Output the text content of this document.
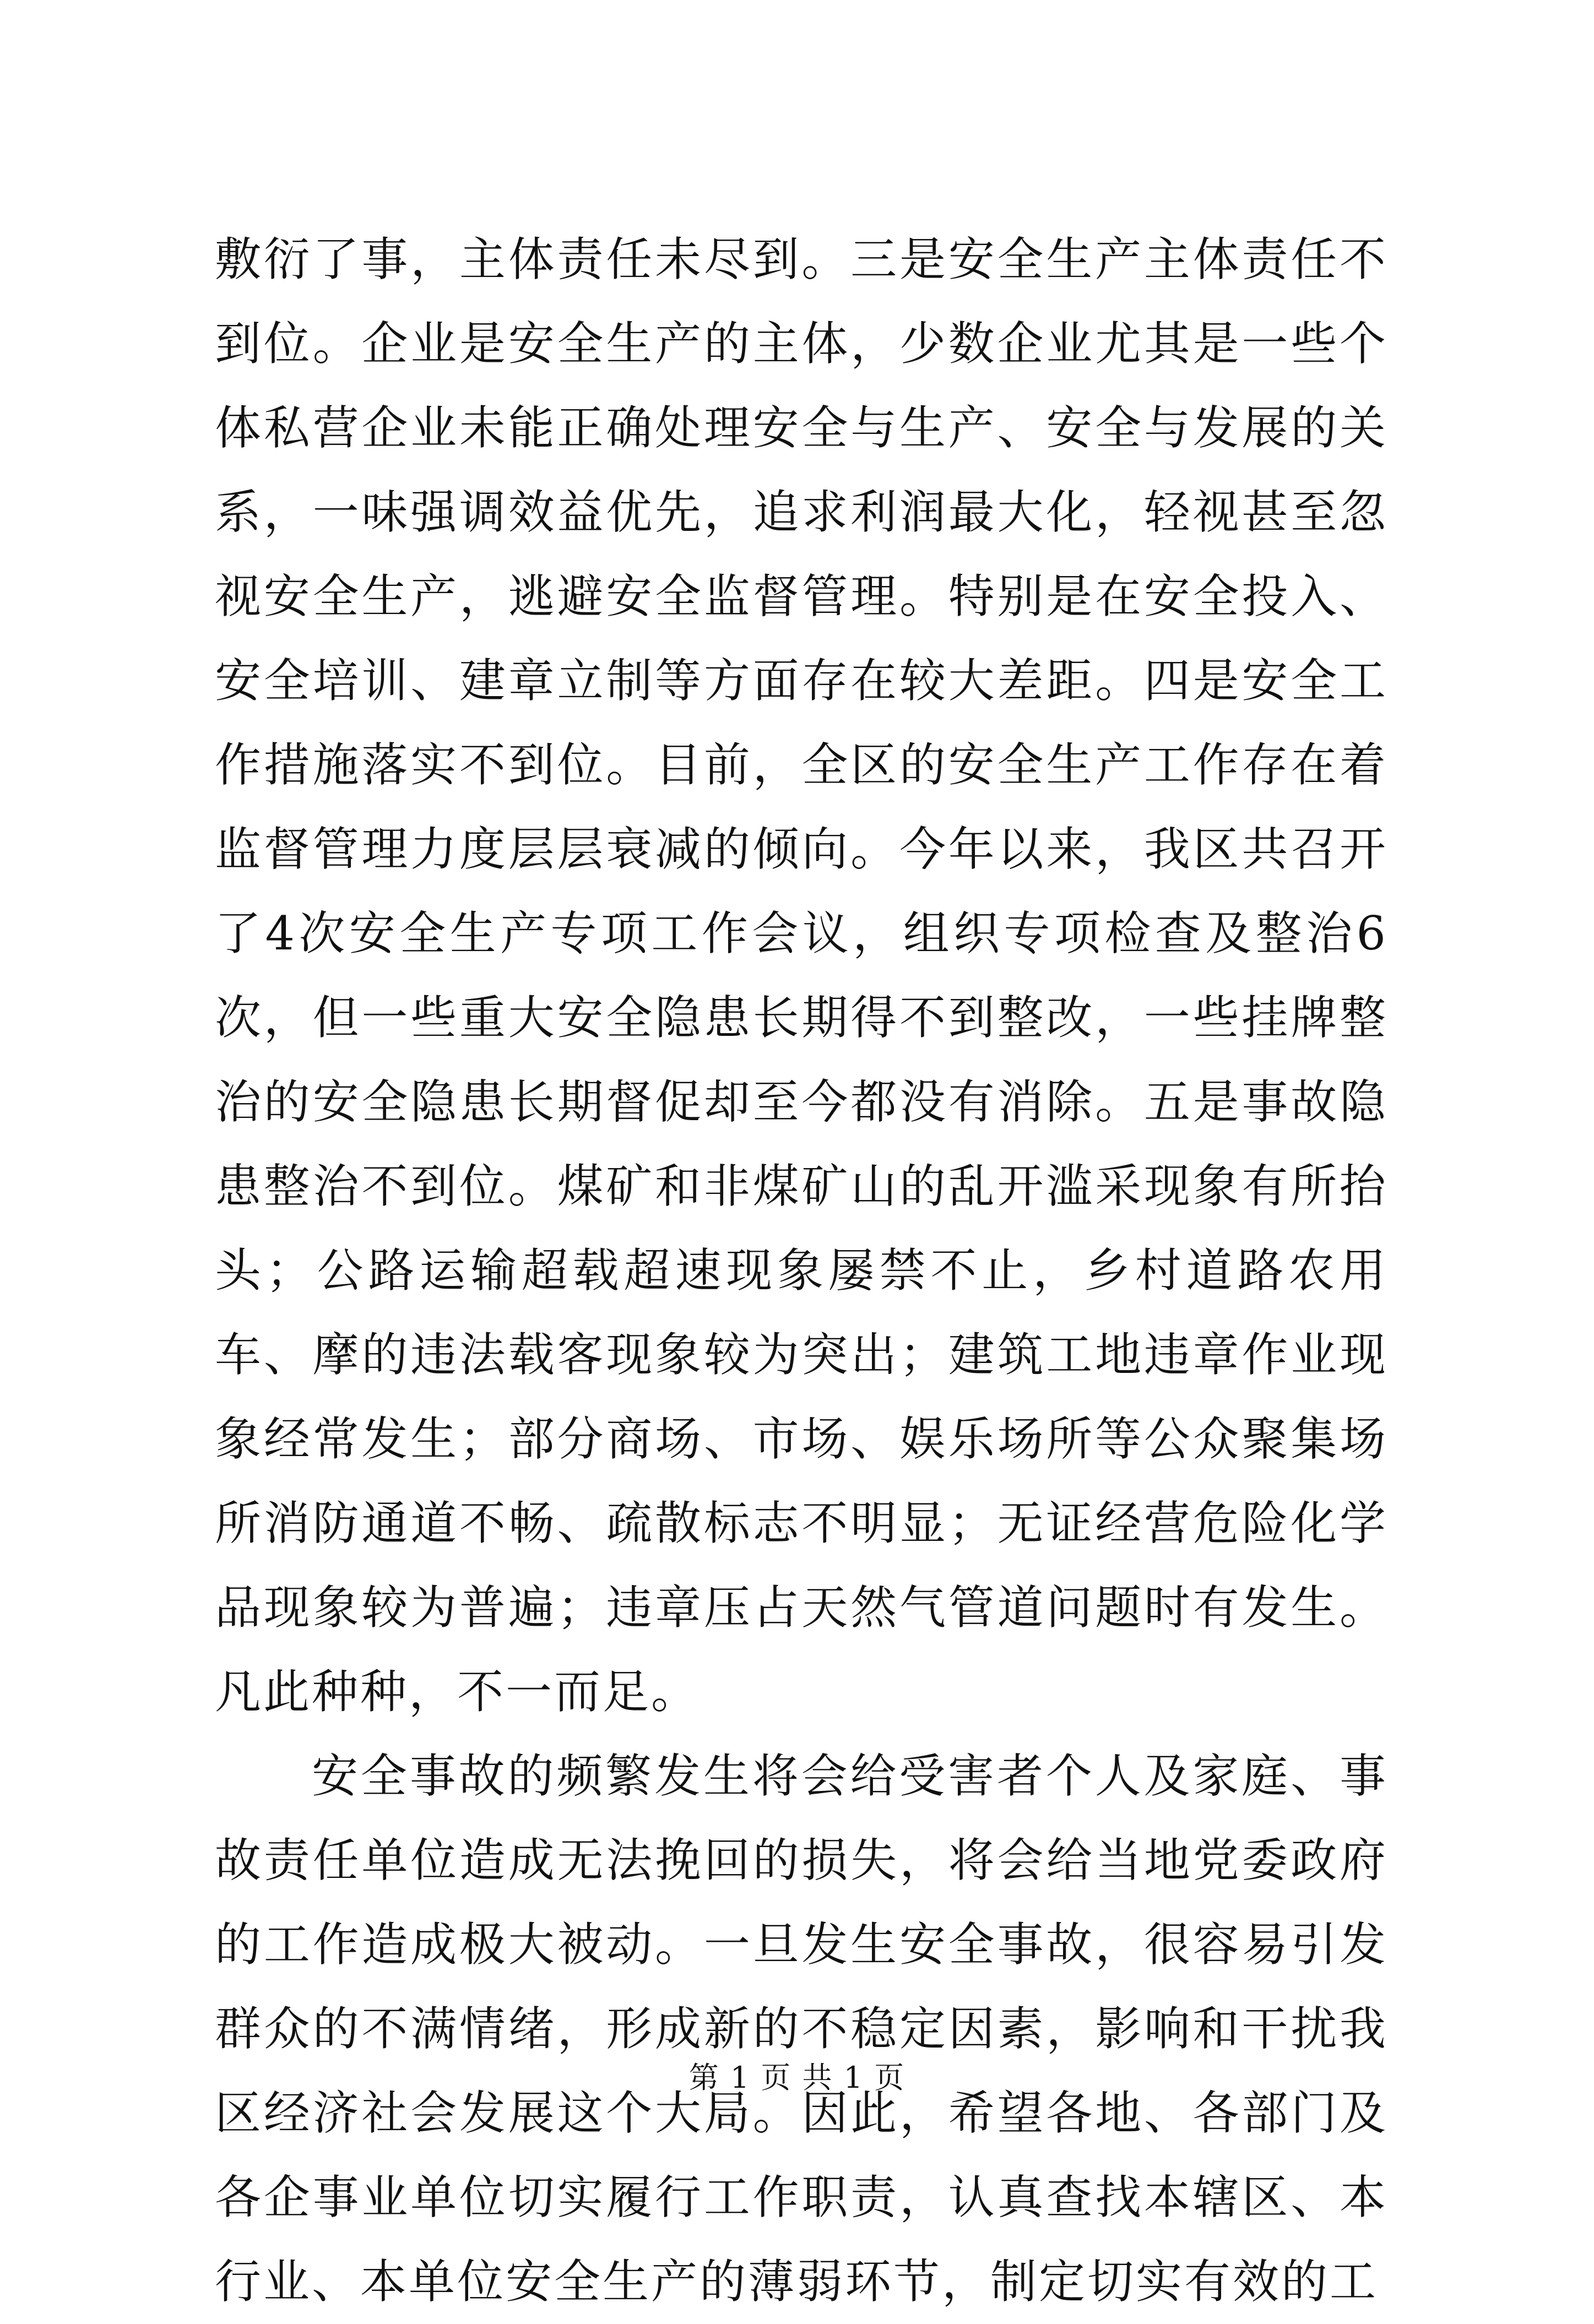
敷衍了事，主体责任未尽到。三是安全生产主体责任不到位。企业是安全生产的主体，少数企业尤其是一些个体私营企业未能正确处理安全与生产、安全与发展的关系，一味强调效益优先，追求利润最大化，轻视甚至忽视安全生产，逃避安全监督管理。特别是在安全投入、安全培训、建章立制等方面存在较大差距。四是安全工作措施落实不到位。目前，全区的安全生产工作存在着监督管理力度层层衰减的倾向。今年以来，我区共召开了4次安全生产专项工作会议，组织专项检查及整治6次，但一些重大安全隐患长期得不到整改，一些挂牌整治的安全隐患长期督促却至今都没有消除。五是事故隐患整治不到位。煤矿和非煤矿山的乱开滥采现象有所抬头；公路运输超载超速现象屡禁不止，乡村道路农用车、摩的违法载客现象较为突出；建筑工地违章作业现象经常发生；部分商场、市场、娱乐场所等公众聚集场所消防通道不畅、疏散标志不明显；无证经营危险化学品现象较为普遍；违章压占天然气管道问题时有发生。凡此种种，不一而足。

安全事故的频繁发生将会给受害者个人及家庭、事故责任单位造成无法挽回的损失，将会给当地党委政府的工作造成极大被动。一旦发生安全事故，很容易引发群众的不满情绪，形成新的不稳定因素，影响和干扰我区经济社会发展这个大局。因此，希望各地、各部门及各企事业单位切实履行工作职责，认真查找本辖区、本行业、本单位安全生产的薄弱环节，制定切实有效的工

第 1 页 共 1 页
